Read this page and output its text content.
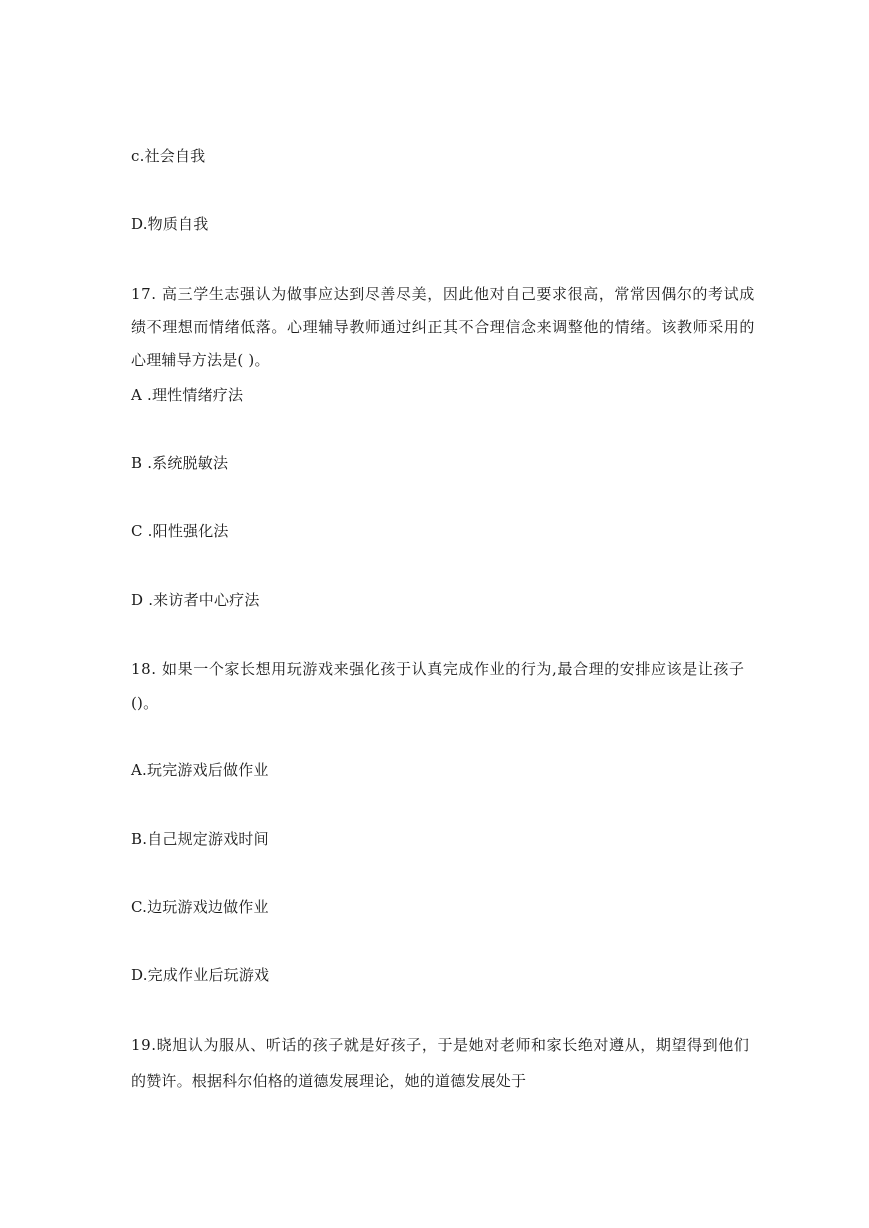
c.社会自我
D.物质自我
17. 高三学生志强认为做事应达到尽善尽美，因此他对自己要求很高，常常因偶尔的考试成
绩不理想而情绪低落。心理辅导教师通过纠正其不合理信念来调整他的情绪。该教师采用的
心理辅导方法是( )。
A .理性情绪疗法
B .系统脱敏法
C .阳性强化法
D .来访者中心疗法
18. 如果一个家长想用玩游戏来强化孩于认真完成作业的行为,最合理的安排应该是让孩子
()。
A.玩完游戏后做作业
B.自己规定游戏时间
C.边玩游戏边做作业
D.完成作业后玩游戏
19.晓旭认为服从、听话的孩子就是好孩子，于是她对老师和家长绝对遵从，期望得到他们
的赞许。根据科尔伯格的道德发展理论，她的道德发展处于
